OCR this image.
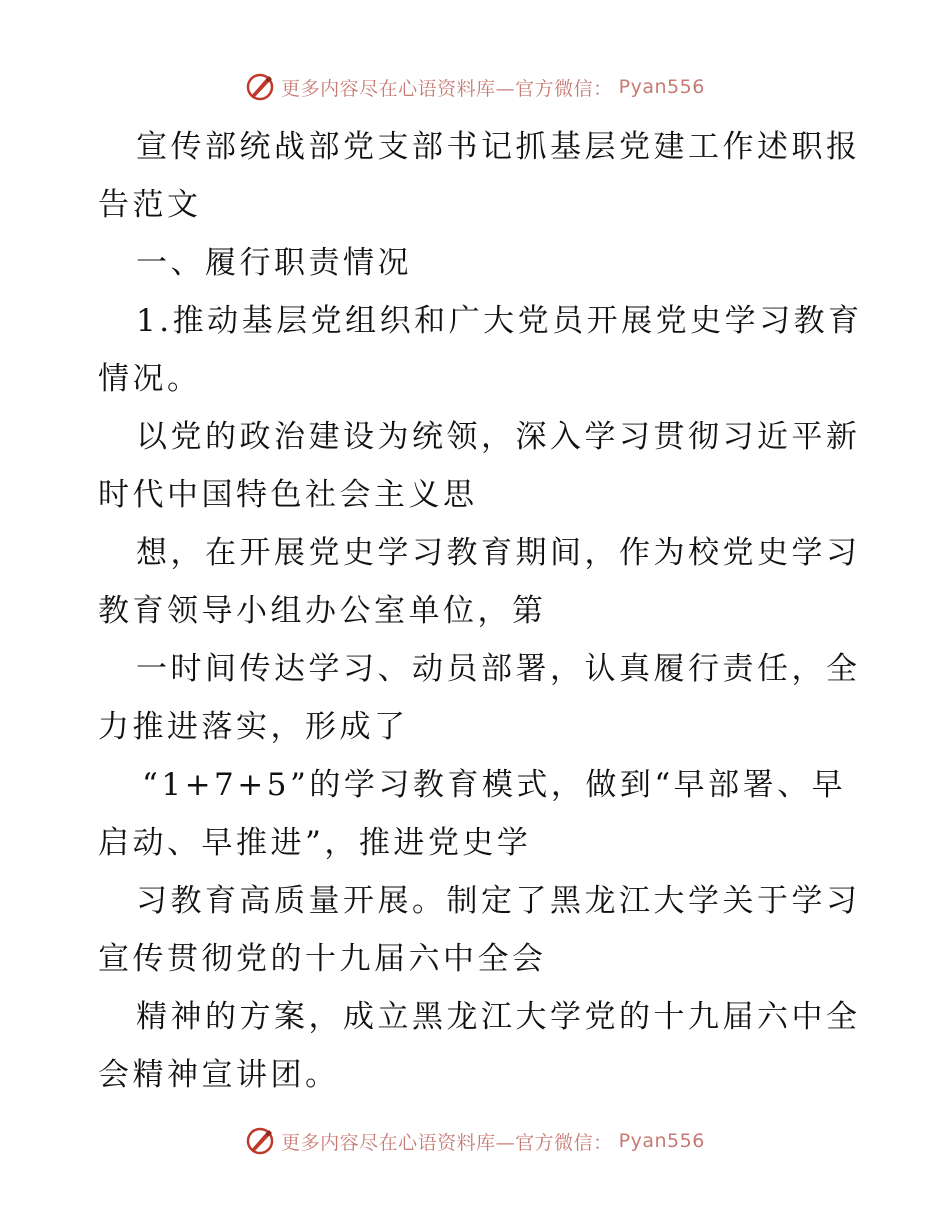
更多内容尽在心语资料库—官方微信： Pyan556
宣传部统战部党支部书记抓基层党建工作述职报
告范文
一、履行职责情况
1.推动基层党组织和广大党员开展党史学习教育
情况。
以党的政治建设为统领，深入学习贯彻习近平新
时代中国特色社会主义思
想，在开展党史学习教育期间，作为校党史学习
教育领导小组办公室单位，第
一时间传达学习、动员部署，认真履行责任，全
力推进落实，形成了
“1+7+5”的学习教育模式，做到“早部署、早
启动、早推进”，推进党史学
习教育高质量开展。制定了黑龙江大学关于学习
宣传贯彻党的十九届六中全会
精神的方案，成立黑龙江大学党的十九届六中全
会精神宣讲团。
更多内容尽在心语资料库—官方微信： Pyan556
